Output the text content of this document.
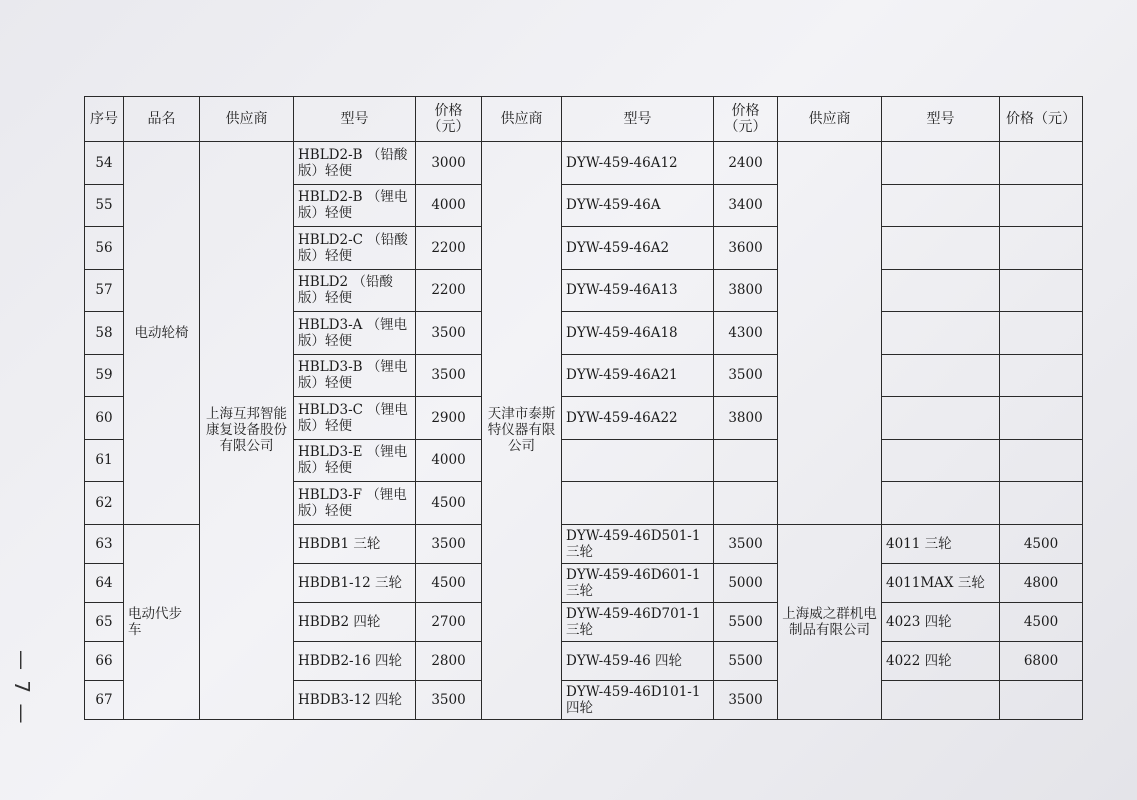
序号	品名	供应商	型号	价格（元）	供应商	型号	价格（元）	供应商	型号	价格（元）
54	电动轮椅	上海互邦智能康复设备股份有限公司	HBLD2-B （铅酸版）轻便	3000	天津市泰斯特仪器有限公司	DYW-459-46A12	2400			
55			HBLD2-B （锂电版）轻便	4000		DYW-459-46A	3400			
56			HBLD2-C （铅酸版）轻便	2200		DYW-459-46A2	3600			
57			HBLD2 （铅酸版）轻便	2200		DYW-459-46A13	3800			
58			HBLD3-A （锂电版）轻便	3500		DYW-459-46A18	4300			
59			HBLD3-B （锂电版）轻便	3500		DYW-459-46A21	3500			
60			HBLD3-C （锂电版）轻便	2900		DYW-459-46A22	3800			
61			HBLD3-E （锂电版）轻便	4000						
62			HBLD3-F （锂电版）轻便	4500						
63	电动代步车		HBDB1 三轮	3500		DYW-459-46D501-1 三轮	3500	上海威之群机电制品有限公司	4011 三轮	4500
64			HBDB1-12 三轮	4500		DYW-459-46D601-1 三轮	5000		4011MAX 三轮	4800
65			HBDB2 四轮	2700		DYW-459-46D701-1 三轮	5500		4023 四轮	4500
66			HBDB2-16 四轮	2800		DYW-459-46 四轮	5500		4022 四轮	6800
67			HBDB3-12 四轮	3500		DYW-459-46D101-1 四轮	3500			
— 7 —
